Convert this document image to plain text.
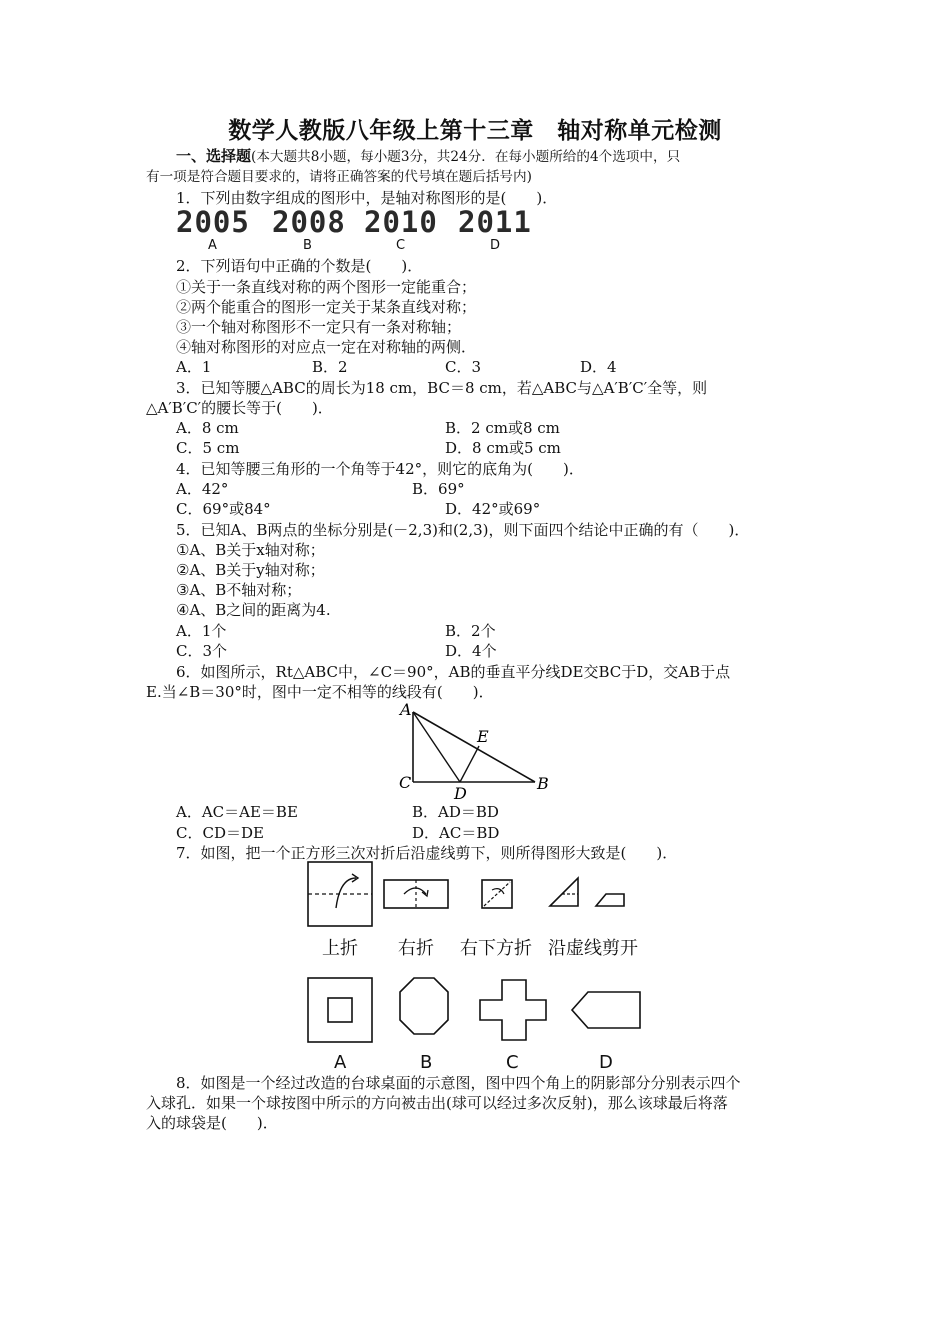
数学人教版八年级上第十三章　轴对称单元检测
一、选择题(本大题共8小题，每小题3分，共24分．在每小题所给的4个选项中，只
有一项是符合题目要求的，请将正确答案的代号填在题后括号内)
1．下列由数字组成的图形中，是轴对称图形的是(　　)．
2005 2008 2010 2011
A	B	C	D
2．下列语句中正确的个数是(　　)．
①关于一条直线对称的两个图形一定能重合；
②两个能重合的图形一定关于某条直线对称；
③一个轴对称图形不一定只有一条对称轴；
④轴对称图形的对应点一定在对称轴的两侧．
A．1	B．2	C．3	D．4
3．已知等腰△ABC的周长为18 cm，BC＝8 cm，若△ABC与△A′B′C′全等，则
△A′B′C′的腰长等于(　　)．
A．8 cm	B．2 cm或8 cm
C．5 cm	D．8 cm或5 cm
4．已知等腰三角形的一个角等于42°，则它的底角为(　　)．
A．42°	B．69°
C．69°或84°	D．42°或69°
5．已知A、B两点的坐标分别是(－2,3)和(2,3)，则下面四个结论中正确的有（　　)．
①A、B关于x轴对称；
②A、B关于y轴对称；
③A、B不轴对称；
④A、B之间的距离为4.
A．1个	B．2个
C．3个	D．4个
6．如图所示，Rt△ABC中，∠C＝90°，AB的垂直平分线DE交BC于D，交AB于点
E.当∠B＝30°时，图中一定不相等的线段有(　　)．
A
E
C
D
B
A．AC＝AE＝BE	B．AD＝BD
C．CD＝DE	D．AC＝BD
7．如图，把一个正方形三次对折后沿虚线剪下，则所得图形大致是(　　)．
上折 右折 右下方折 沿虚线剪开
A	B	C	D
8．如图是一个经过改造的台球桌面的示意图，图中四个角上的阴影部分分别表示四个
入球孔．如果一个球按图中所示的方向被击出(球可以经过多次反射)，那么该球最后将落
入的球袋是(　　)．
